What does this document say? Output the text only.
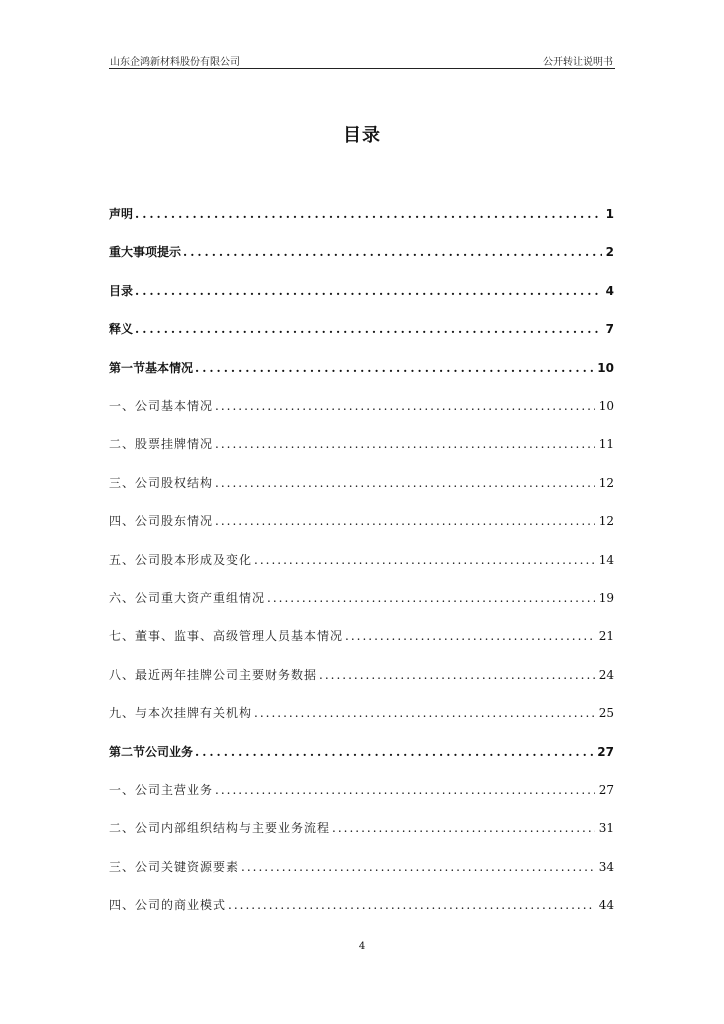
山东企鸿新材料股份有限公司	公开转让说明书
目录
声明 .....	1
重大事项提示 .....	2
目录 .....	4
释义 .....	7
第一节基本情况 .....	10
一、公司基本情况 .....	10
二、股票挂牌情况 .....	11
三、公司股权结构 .....	12
四、公司股东情况 .....	12
五、公司股本形成及变化 .....	14
六、公司重大资产重组情况 .....	19
七、董事、监事、高级管理人员基本情况 .....	21
八、最近两年挂牌公司主要财务数据 .....	24
九、与本次挂牌有关机构 .....	25
第二节公司业务 .....	27
一、公司主营业务 .....	27
二、公司内部组织结构与主要业务流程 .....	31
三、公司关键资源要素 .....	34
四、公司的商业模式 .....	44
4
